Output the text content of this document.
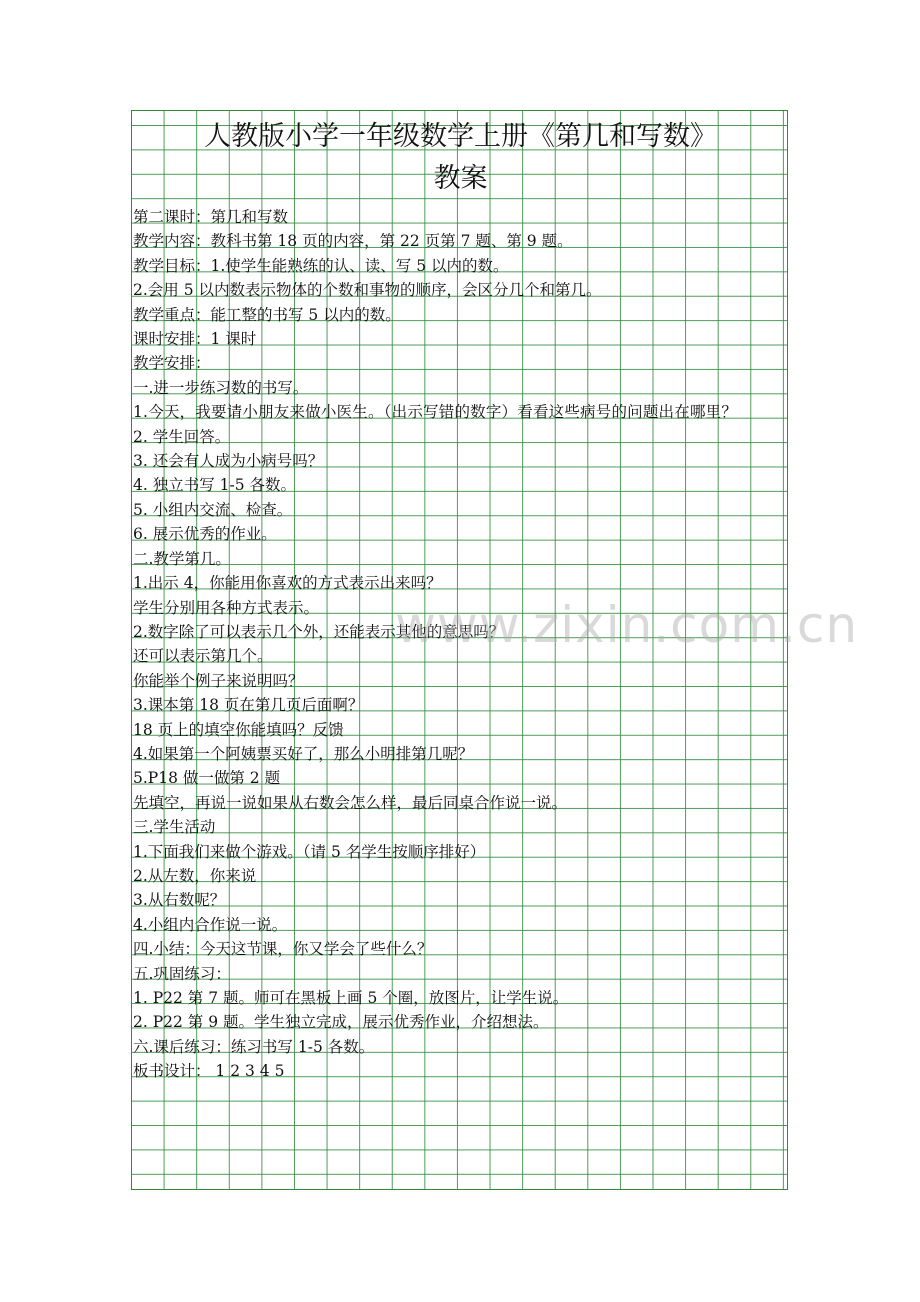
人教版小学一年级数学上册《第几和写数》
教案
第二课时：第几和写数
教学内容：教科书第 18 页的内容，第 22 页第 7 题、第 9 题。
教学目标：1.使学生能熟练的认、读、写 5 以内的数。
2.会用 5 以内数表示物体的个数和事物的顺序，会区分几个和第几。
教学重点：能工整的书写 5 以内的数。
课时安排：1 课时
教学安排：
一.进一步练习数的书写。
1.今天，我要请小朋友来做小医生。（出示写错的数字）看看这些病号的问题出在哪里？
2. 学生回答。
3. 还会有人成为小病号吗？
4. 独立书写 1-5 各数。
5. 小组内交流、检查。
6. 展示优秀的作业。
二.教学第几。
1.出示 4，你能用你喜欢的方式表示出来吗？
学生分别用各种方式表示。
2.数字除了可以表示几个外，还能表示其他的意思吗？
还可以表示第几个。
你能举个例子来说明吗？
3.课本第 18 页在第几页后面啊？
18 页上的填空你能填吗？反馈
4.如果第一个阿姨票买好了，那么小明排第几呢？
5.P18 做一做第 2 题
先填空，再说一说如果从右数会怎么样，最后同桌合作说一说。
三.学生活动
1.下面我们来做个游戏。（请 5 名学生按顺序排好）
2.从左数，你来说
3.从右数呢？
4.小组内合作说一说。
四.小结：今天这节课，你又学会了些什么？
五.巩固练习：
1. P22 第 7 题。师可在黑板上画 5 个圈，放图片，让学生说。
2. P22 第 9 题。学生独立完成，展示优秀作业，介绍想法。
六.课后练习：练习书写 1-5 各数。
板书设计： 1 2 3 4 5
www.zixin.com.cn
